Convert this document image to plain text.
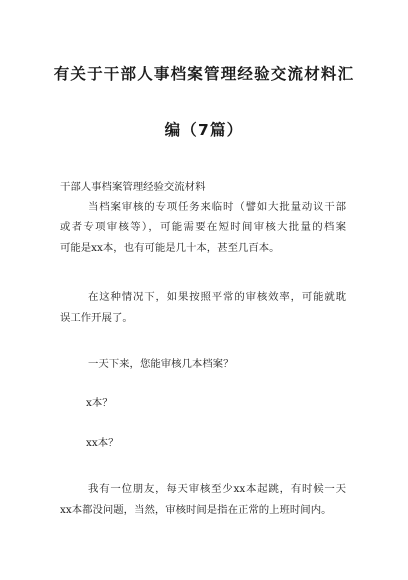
有关于干部人事档案管理经验交流材料汇
编（7篇）

干部人事档案管理经验交流材料

当档案审核的专项任务来临时（譬如大批量动议干部

或者专项审核等），可能需要在短时间审核大批量的档案

可能是xx本，也有可能是几十本，甚至几百本。

在这种情况下，如果按照平常的审核效率，可能就耽

误工作开展了。

一天下来，您能审核几本档案？

x本？

xx本？

我有一位朋友，每天审核至少xx本起跳，有时候一天

xx本都没问题，当然，审核时间是指在正常的上班时间内。
